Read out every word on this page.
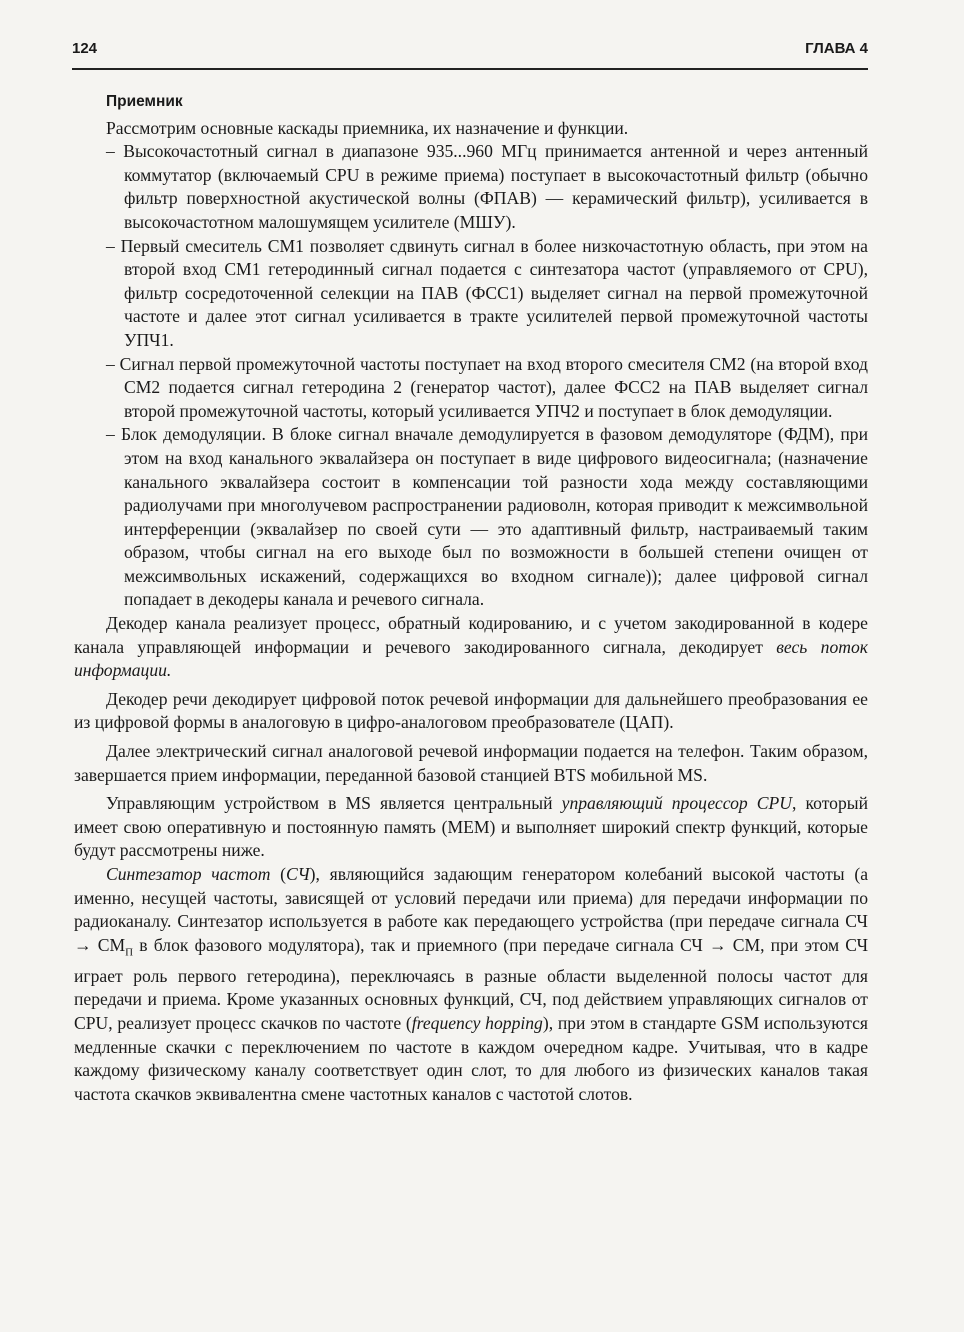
124	ГЛАВА 4
Приемник

Рассмотрим основные каскады приемника, их назначение и функции.

– Высокочастотный сигнал в диапазоне 935...960 МГц принимается антенной и через антенный коммутатор (включаемый CPU в режиме приема) поступает в высокочастотный фильтр (обычно фильтр поверхностной акустической волны (ФПАВ) — керамический фильтр), усиливается в высокочастотном малошумящем усилителе (МШУ).
– Первый смеситель СМ1 позволяет сдвинуть сигнал в более низкочастотную область, при этом на второй вход СМ1 гетеродинный сигнал подается с синтезатора частот (управляемого от CPU), фильтр сосредоточенной селекции на ПАВ (ФСС1) выделяет сигнал на первой промежуточной частоте и далее этот сигнал усиливается в тракте усилителей первой промежуточной частоты УПЧ1.
– Сигнал первой промежуточной частоты поступает на вход второго смесителя СМ2 (на второй вход СМ2 подается сигнал гетеродина 2 (генератор частот), далее ФСС2 на ПАВ выделяет сигнал второй промежуточной частоты, который усиливается УПЧ2 и поступает в блок демодуляции.
– Блок демодуляции. В блоке сигнал вначале демодулируется в фазовом демодуляторе (ФДМ), при этом на вход канального эквалайзера он поступает в виде цифрового видеосигнала; (назначение канального эквалайзера состоит в компенсации той разности хода между составляющими радиолучами при многолучевом распространении радиоволн, которая приводит к межсимвольной интерференции (эквалайзер по своей сути — это адаптивный фильтр, настраиваемый таким образом, чтобы сигнал на его выходе был по возможности в большей степени очищен от межсимвольных искажений, содержащихся во входном сигнале)); далее цифровой сигнал попадает в декодеры канала и речевого сигнала.

Декодер канала реализует процесс, обратный кодированию, и с учетом закодированной в кодере канала управляющей информации и речевого закодированного сигнала, декодирует весь поток информации.

Декодер речи декодирует цифровой поток речевой информации для дальнейшего преобразования ее из цифровой формы в аналоговую в цифро-аналоговом преобразователе (ЦАП).

Далее электрический сигнал аналоговой речевой информации подается на телефон. Таким образом, завершается прием информации, переданной базовой станцией BTS мобильной MS.

Управляющим устройством в MS является центральный управляющий процессор CPU, который имеет свою оперативную и постоянную память (МЕМ) и выполняет широкий спектр функций, которые будут рассмотрены ниже.

Синтезатор частот (СЧ), являющийся задающим генератором колебаний высокой частоты (а именно, несущей частоты, зависящей от условий передачи или приема) для передачи информации по радиоканалу. Синтезатор используется в работе как передающего устройства (при передаче сигнала СЧ → $СМ_П$ в блок фазового модулятора), так и приемного (при передаче сигнала СЧ → СМ, при этом СЧ играет роль первого гетеродина), переключаясь в разные области выделенной полосы частот для передачи и приема. Кроме указанных основных функций, СЧ, под действием управляющих сигналов от CPU, реализует процесс скачков по частоте (frequency hopping), при этом в стандарте GSM используются медленные скачки с переключением по частоте в каждом очередном кадре. Учитывая, что в кадре каждому физическому каналу соответствует один слот, то для любого из физических каналов такая частота скачков эквивалентна смене частотных каналов с частотой слотов.
